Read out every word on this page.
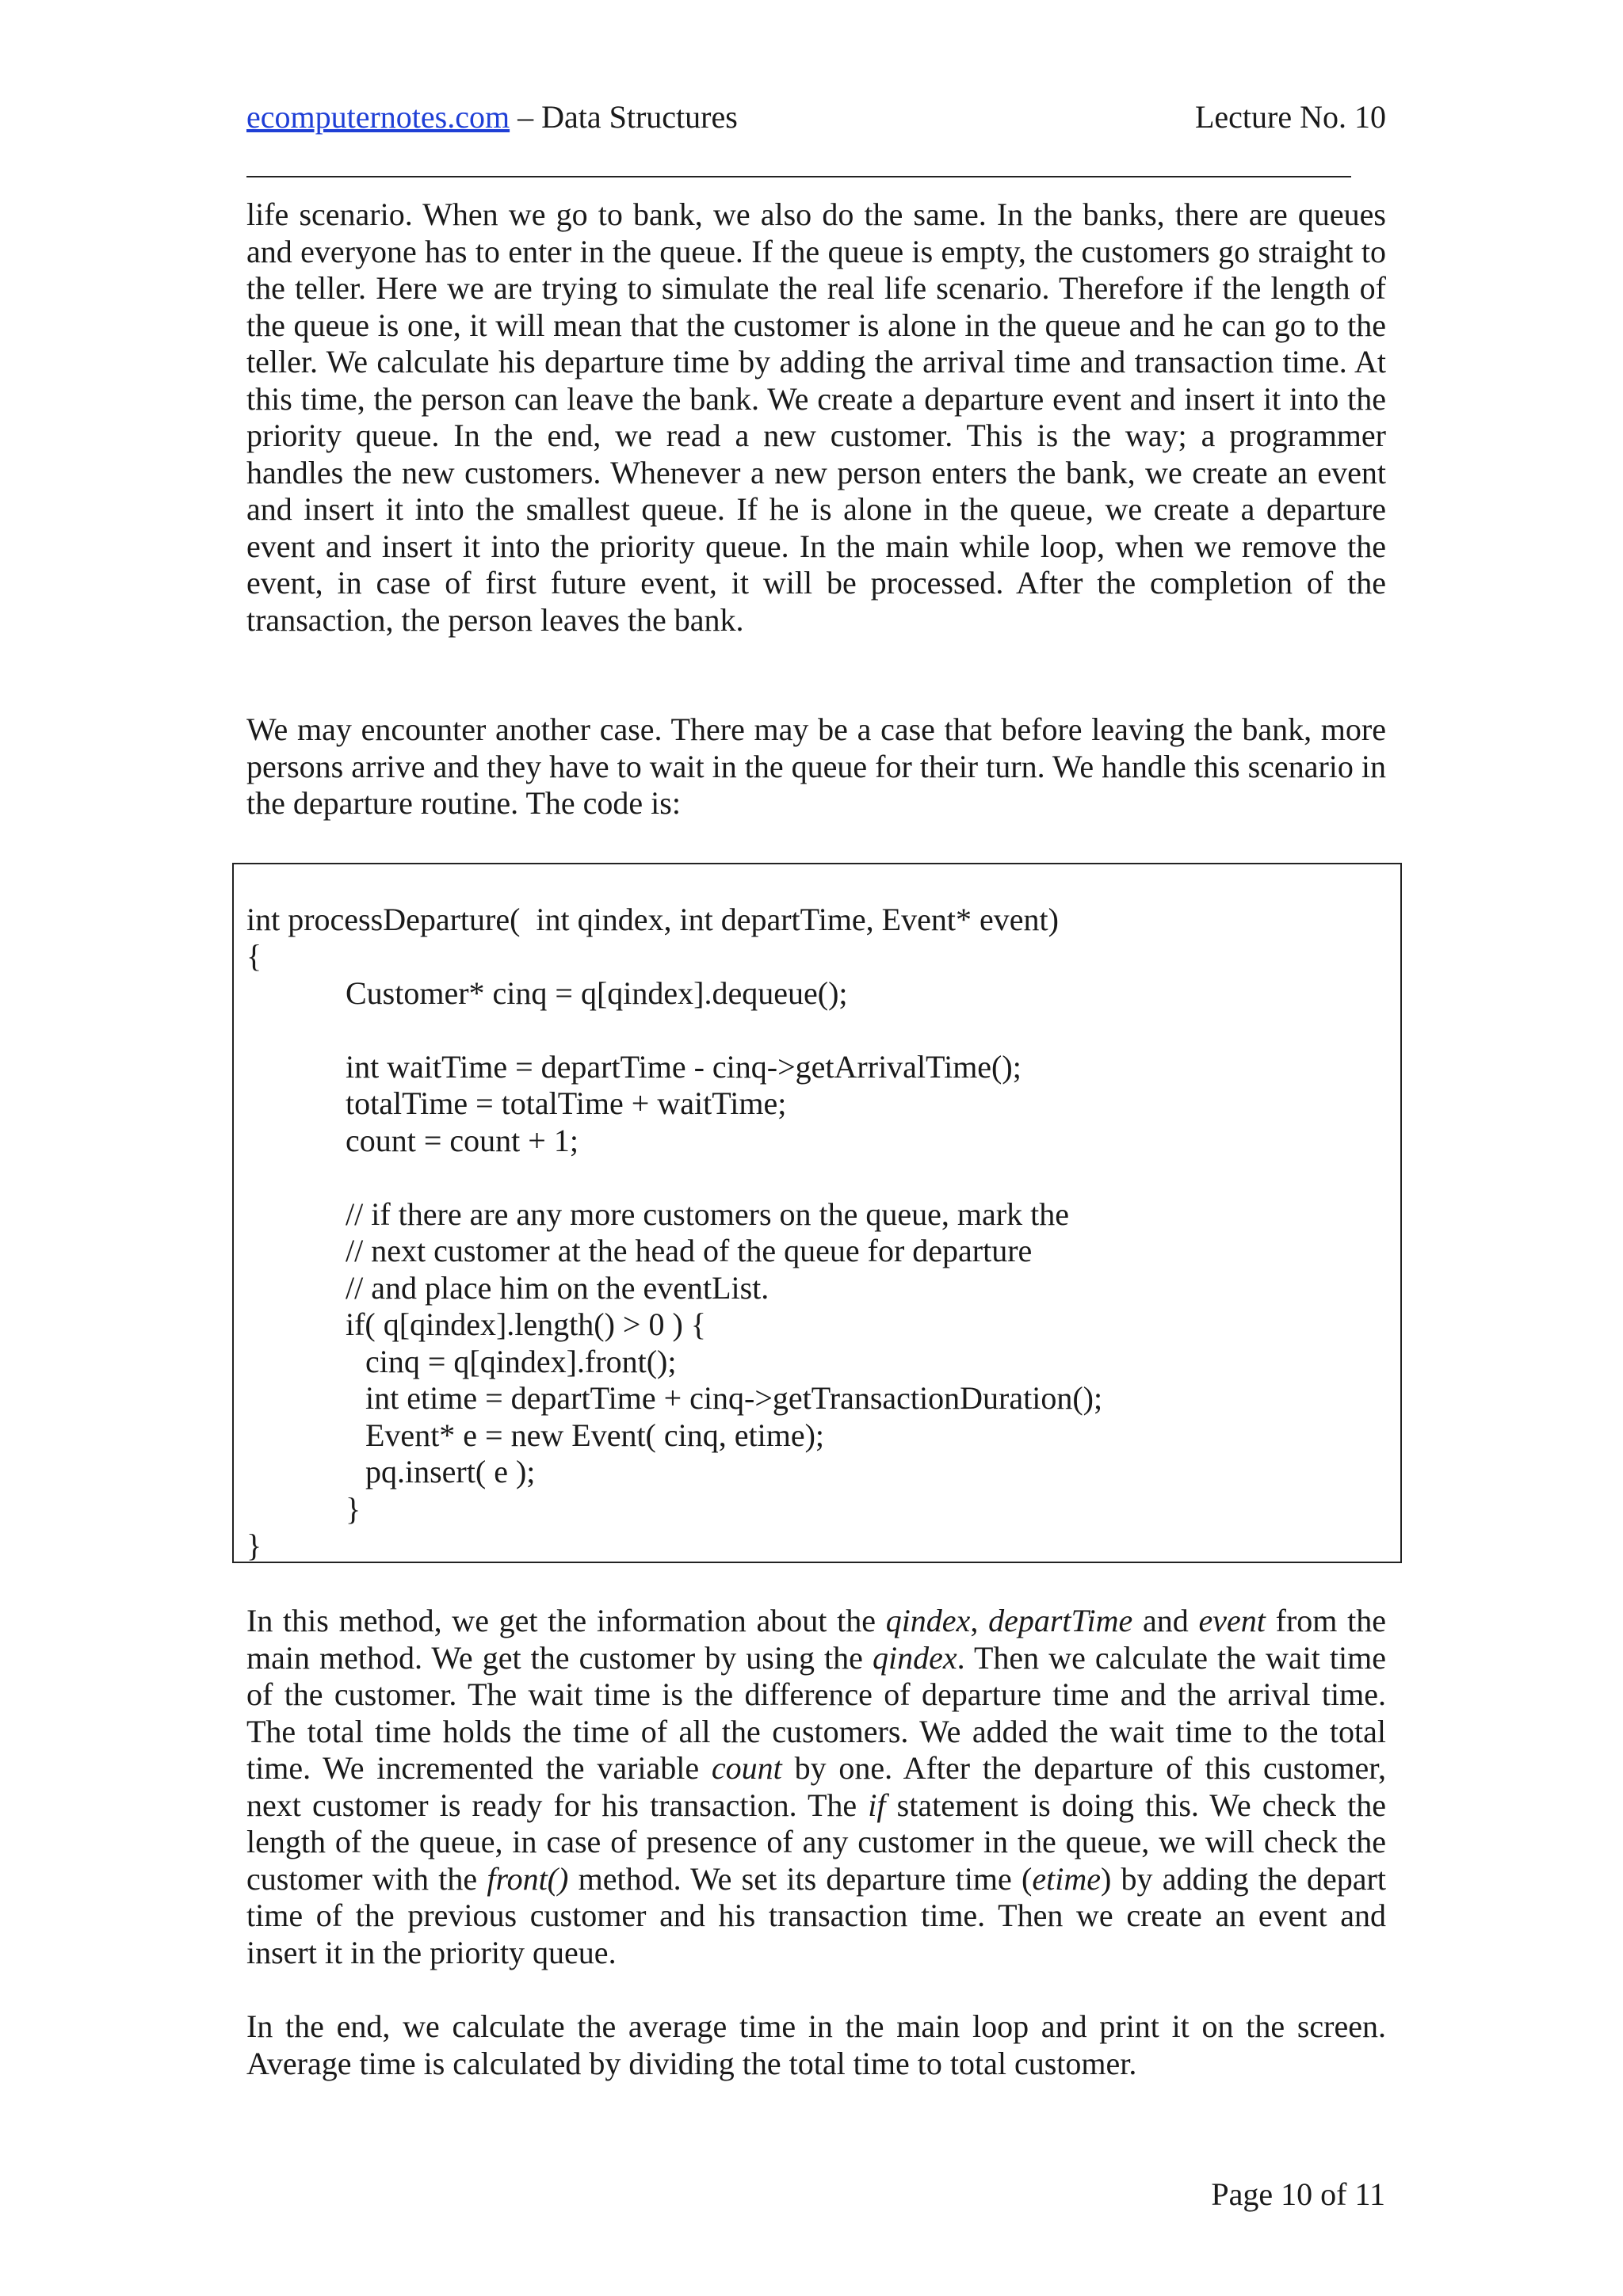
ecomputernotes.com – Data Structures	Lecture No. 10

life scenario. When we go to bank, we also do the same. In the banks, there are queues and everyone has to enter in the queue. If the queue is empty, the customers go straight to the teller. Here we are trying to simulate the real life scenario. Therefore if the length of the queue is one, it will mean that the customer is alone in the queue and he can go to the teller. We calculate his departure time by adding the arrival time and transaction time. At this time, the person can leave the bank. We create a departure event and insert it into the priority queue. In the end, we read a new customer. This is the way; a programmer handles the new customers. Whenever a new person enters the bank, we create an event and insert it into the smallest queue. If he is alone in the queue, we create a departure event and insert it into the priority queue. In the main while loop, when we remove the event, in case of first future event, it will be processed. After the completion of the transaction, the person leaves the bank.

We may encounter another case. There may be a case that before leaving the bank, more persons arrive and they have to wait in the queue for their turn. We handle this scenario in the departure routine. The code is:

int processDeparture(  int qindex, int departTime, Event* event)
{
Customer* cinq = q[qindex].dequeue();
int waitTime = departTime - cinq->getArrivalTime();
totalTime = totalTime + waitTime;
count = count + 1;
// if there are any more customers on the queue, mark the
// next customer at the head of the queue for departure
// and place him on the eventList.
if( q[qindex].length() > 0 ) {
cinq = q[qindex].front();
int etime = departTime + cinq->getTransactionDuration();
Event* e = new Event( cinq, etime);
pq.insert( e );
}
}

In this method, we get the information about the qindex, departTime and event from the main method. We get the customer by using the qindex. Then we calculate the wait time of the customer. The wait time is the difference of departure time and the arrival time. The total time holds the time of all the customers. We added the wait time to the total time. We incremented the variable count by one. After the departure of this customer, next customer is ready for his transaction. The if statement is doing this. We check the length of the queue, in case of presence of any customer in the queue, we will check the customer with the front() method. We set its departure time (etime) by adding the depart time of the previous customer and his transaction time. Then we create an event and insert it in the priority queue.

In the end, we calculate the average time in the main loop and print it on the screen. Average time is calculated by dividing the total time to total customer.

Page 10 of 11
